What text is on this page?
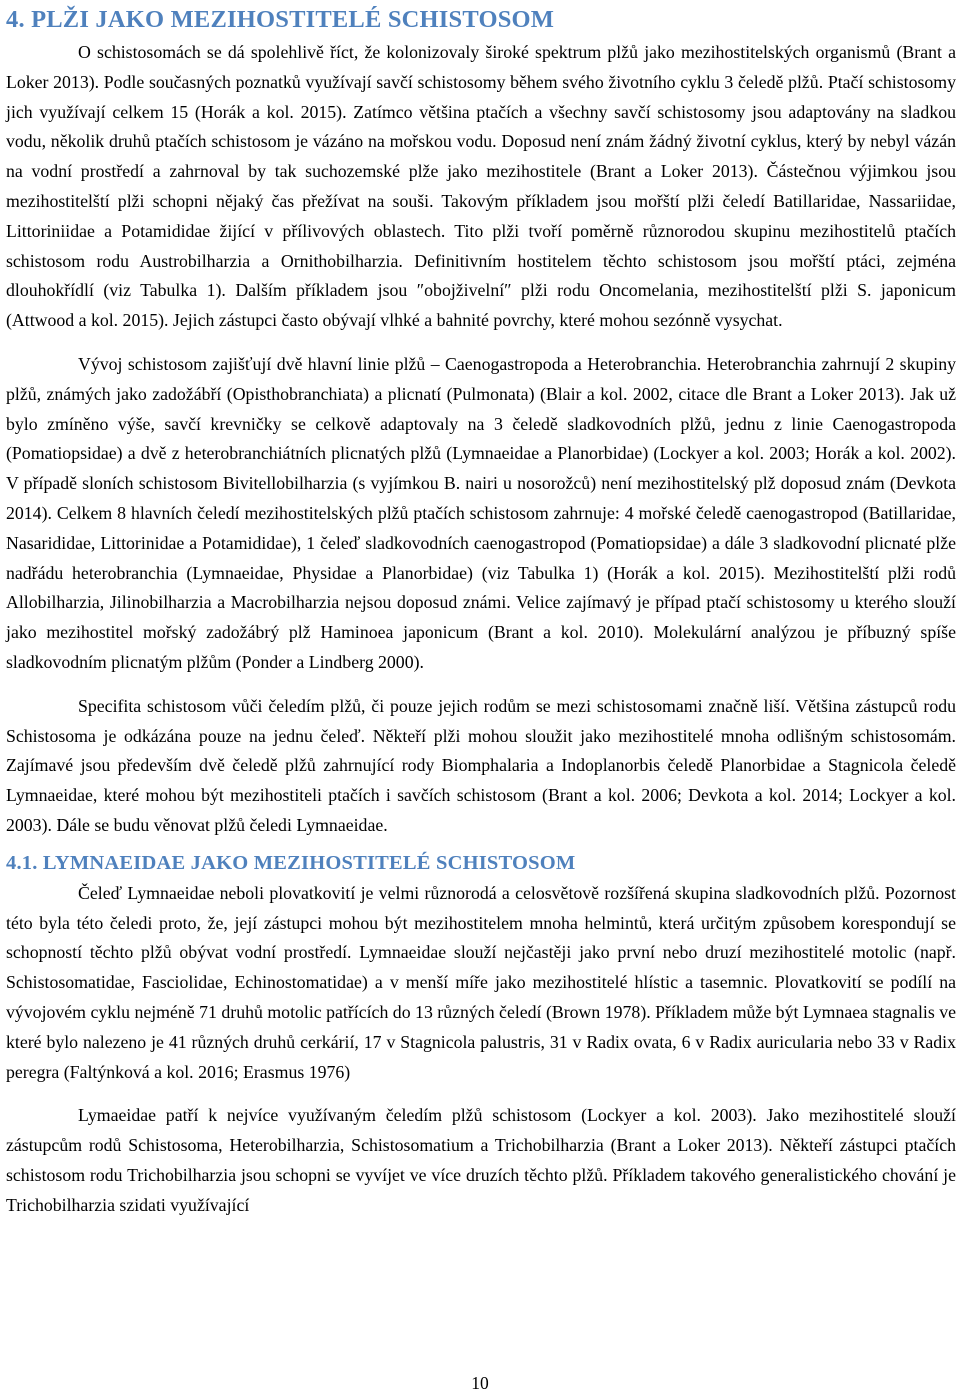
4. PLŽI JAKO MEZIHOSTITELÉ SCHISTOSOM

O schistosomách se dá spolehlivě říct, že kolonizovaly široké spektrum plžů jako mezihostitelských organismů (Brant a Loker 2013). Podle současných poznatků využívají savčí schistosomy během svého životního cyklu 3 čeledě plžů. Ptačí schistosomy jich využívají celkem 15 (Horák a kol. 2015). Zatímco většina ptačích a všechny savčí schistosomy jsou adaptovány na sladkou vodu, několik druhů ptačích schistosom je vázáno na mořskou vodu. Doposud není znám žádný životní cyklus, který by nebyl vázán na vodní prostředí a zahrnoval by tak suchozemské plže jako mezihostitele (Brant a Loker 2013). Částečnou výjimkou jsou mezihostitelští plži schopni nějaký čas přežívat na souši. Takovým příkladem jsou mořští plži čeledí Batillaridae, Nassariidae, Littoriniidae a Potamididae žijící v přílivových oblastech. Tito plži tvoří poměrně různorodou skupinu mezihostitelů ptačích schistosom rodu Austrobilharzia a Ornithobilharzia. Definitivním hostitelem těchto schistosom jsou mořští ptáci, zejména dlouhokřídlí (viz Tabulka 1). Dalším příkladem jsou ″obojživelní″ plži rodu Oncomelania, mezihostitelští plži S. japonicum (Attwood a kol. 2015). Jejich zástupci často obývají vlhké a bahnité povrchy, které mohou sezónně vysychat.

Vývoj schistosom zajišťují dvě hlavní linie plžů – Caenogastropoda a Heterobranchia. Heterobranchia zahrnují 2 skupiny plžů, známých jako zadožábří (Opisthobranchiata) a plicnatí (Pulmonata) (Blair a kol. 2002, citace dle Brant a Loker 2013). Jak už bylo zmíněno výše, savčí krevničky se celkově adaptovaly na 3 čeledě sladkovodních plžů, jednu z linie Caenogastropoda (Pomatiopsidae) a dvě z heterobranchiátních plicnatých plžů (Lymnaeidae a Planorbidae) (Lockyer a kol. 2003; Horák a kol. 2002). V případě sloních schistosom Bivitellobilharzia (s vyjímkou B. nairi u nosorožců) není mezihostitelský plž doposud znám (Devkota 2014). Celkem 8 hlavních čeledí mezihostitelských plžů ptačích schistosom zahrnuje: 4 mořské čeledě caenogastropod (Batillaridae, Nasarididae, Littorinidae a Potamididae), 1 čeleď sladkovodních caenogastropod (Pomatiopsidae) a dále 3 sladkovodní plicnaté plže nadřádu heterobranchia (Lymnaeidae, Physidae a Planorbidae) (viz Tabulka 1) (Horák a kol. 2015). Mezihostitelští plži rodů Allobilharzia, Jilinobilharzia a Macrobilharzia nejsou doposud známi. Velice zajímavý je případ ptačí schistosomy u kterého slouží jako mezihostitel mořský zadožábrý plž Haminoea japonicum (Brant a kol. 2010). Molekulární analýzou je příbuzný spíše sladkovodním plicnatým plžům (Ponder a Lindberg 2000).

Specifita schistosom vůči čeledím plžů, či pouze jejich rodům se mezi schistosomami značně liší. Většina zástupců rodu Schistosoma je odkázána pouze na jednu čeleď. Někteří plži mohou sloužit jako mezihostitelé mnoha odlišným schistosomám. Zajímavé jsou především dvě čeledě plžů zahrnující rody Biomphalaria a Indoplanorbis čeledě Planorbidae a Stagnicola čeledě Lymnaeidae, které mohou být mezihostiteli ptačích i savčích schistosom (Brant a kol. 2006; Devkota a kol. 2014; Lockyer a kol. 2003). Dále se budu věnovat plžů čeledi Lymnaeidae.

4.1. LYMNAEIDAE JAKO MEZIHOSTITELÉ SCHISTOSOM

Čeleď Lymnaeidae neboli plovatkovití je velmi různorodá a celosvětově rozšířená skupina sladkovodních plžů. Pozornost této byla této čeledi proto, že, její zástupci mohou být mezihostitelem mnoha helmintů, která určitým způsobem korespondují se schopností těchto plžů obývat vodní prostředí. Lymnaeidae slouží nejčastěji jako první nebo druzí mezihostitelé motolic (např. Schistosomatidae, Fasciolidae, Echinostomatidae) a v menší míře jako mezihostitelé hlístic a tasemnic. Plovatkovití se podílí na vývojovém cyklu nejméně 71 druhů motolic patřících do 13 různých čeledí (Brown 1978). Příkladem může být Lymnaea stagnalis ve které bylo nalezeno je 41 různých druhů cerkárií, 17 v Stagnicola palustris, 31 v Radix ovata, 6 v Radix auricularia nebo 33 v Radix peregra (Faltýnková a kol. 2016; Erasmus 1976)

Lymaeidae patří k nejvíce využívaným čeledím plžů schistosom (Lockyer a kol. 2003). Jako mezihostitelé slouží zástupcům rodů Schistosoma, Heterobilharzia, Schistosomatium a Trichobilharzia (Brant a Loker 2013). Někteří zástupci ptačích schistosom rodu Trichobilharzia jsou schopni se vyvíjet ve více druzích těchto plžů. Příkladem takového generalistického chování je Trichobilharzia szidati využívající

10
